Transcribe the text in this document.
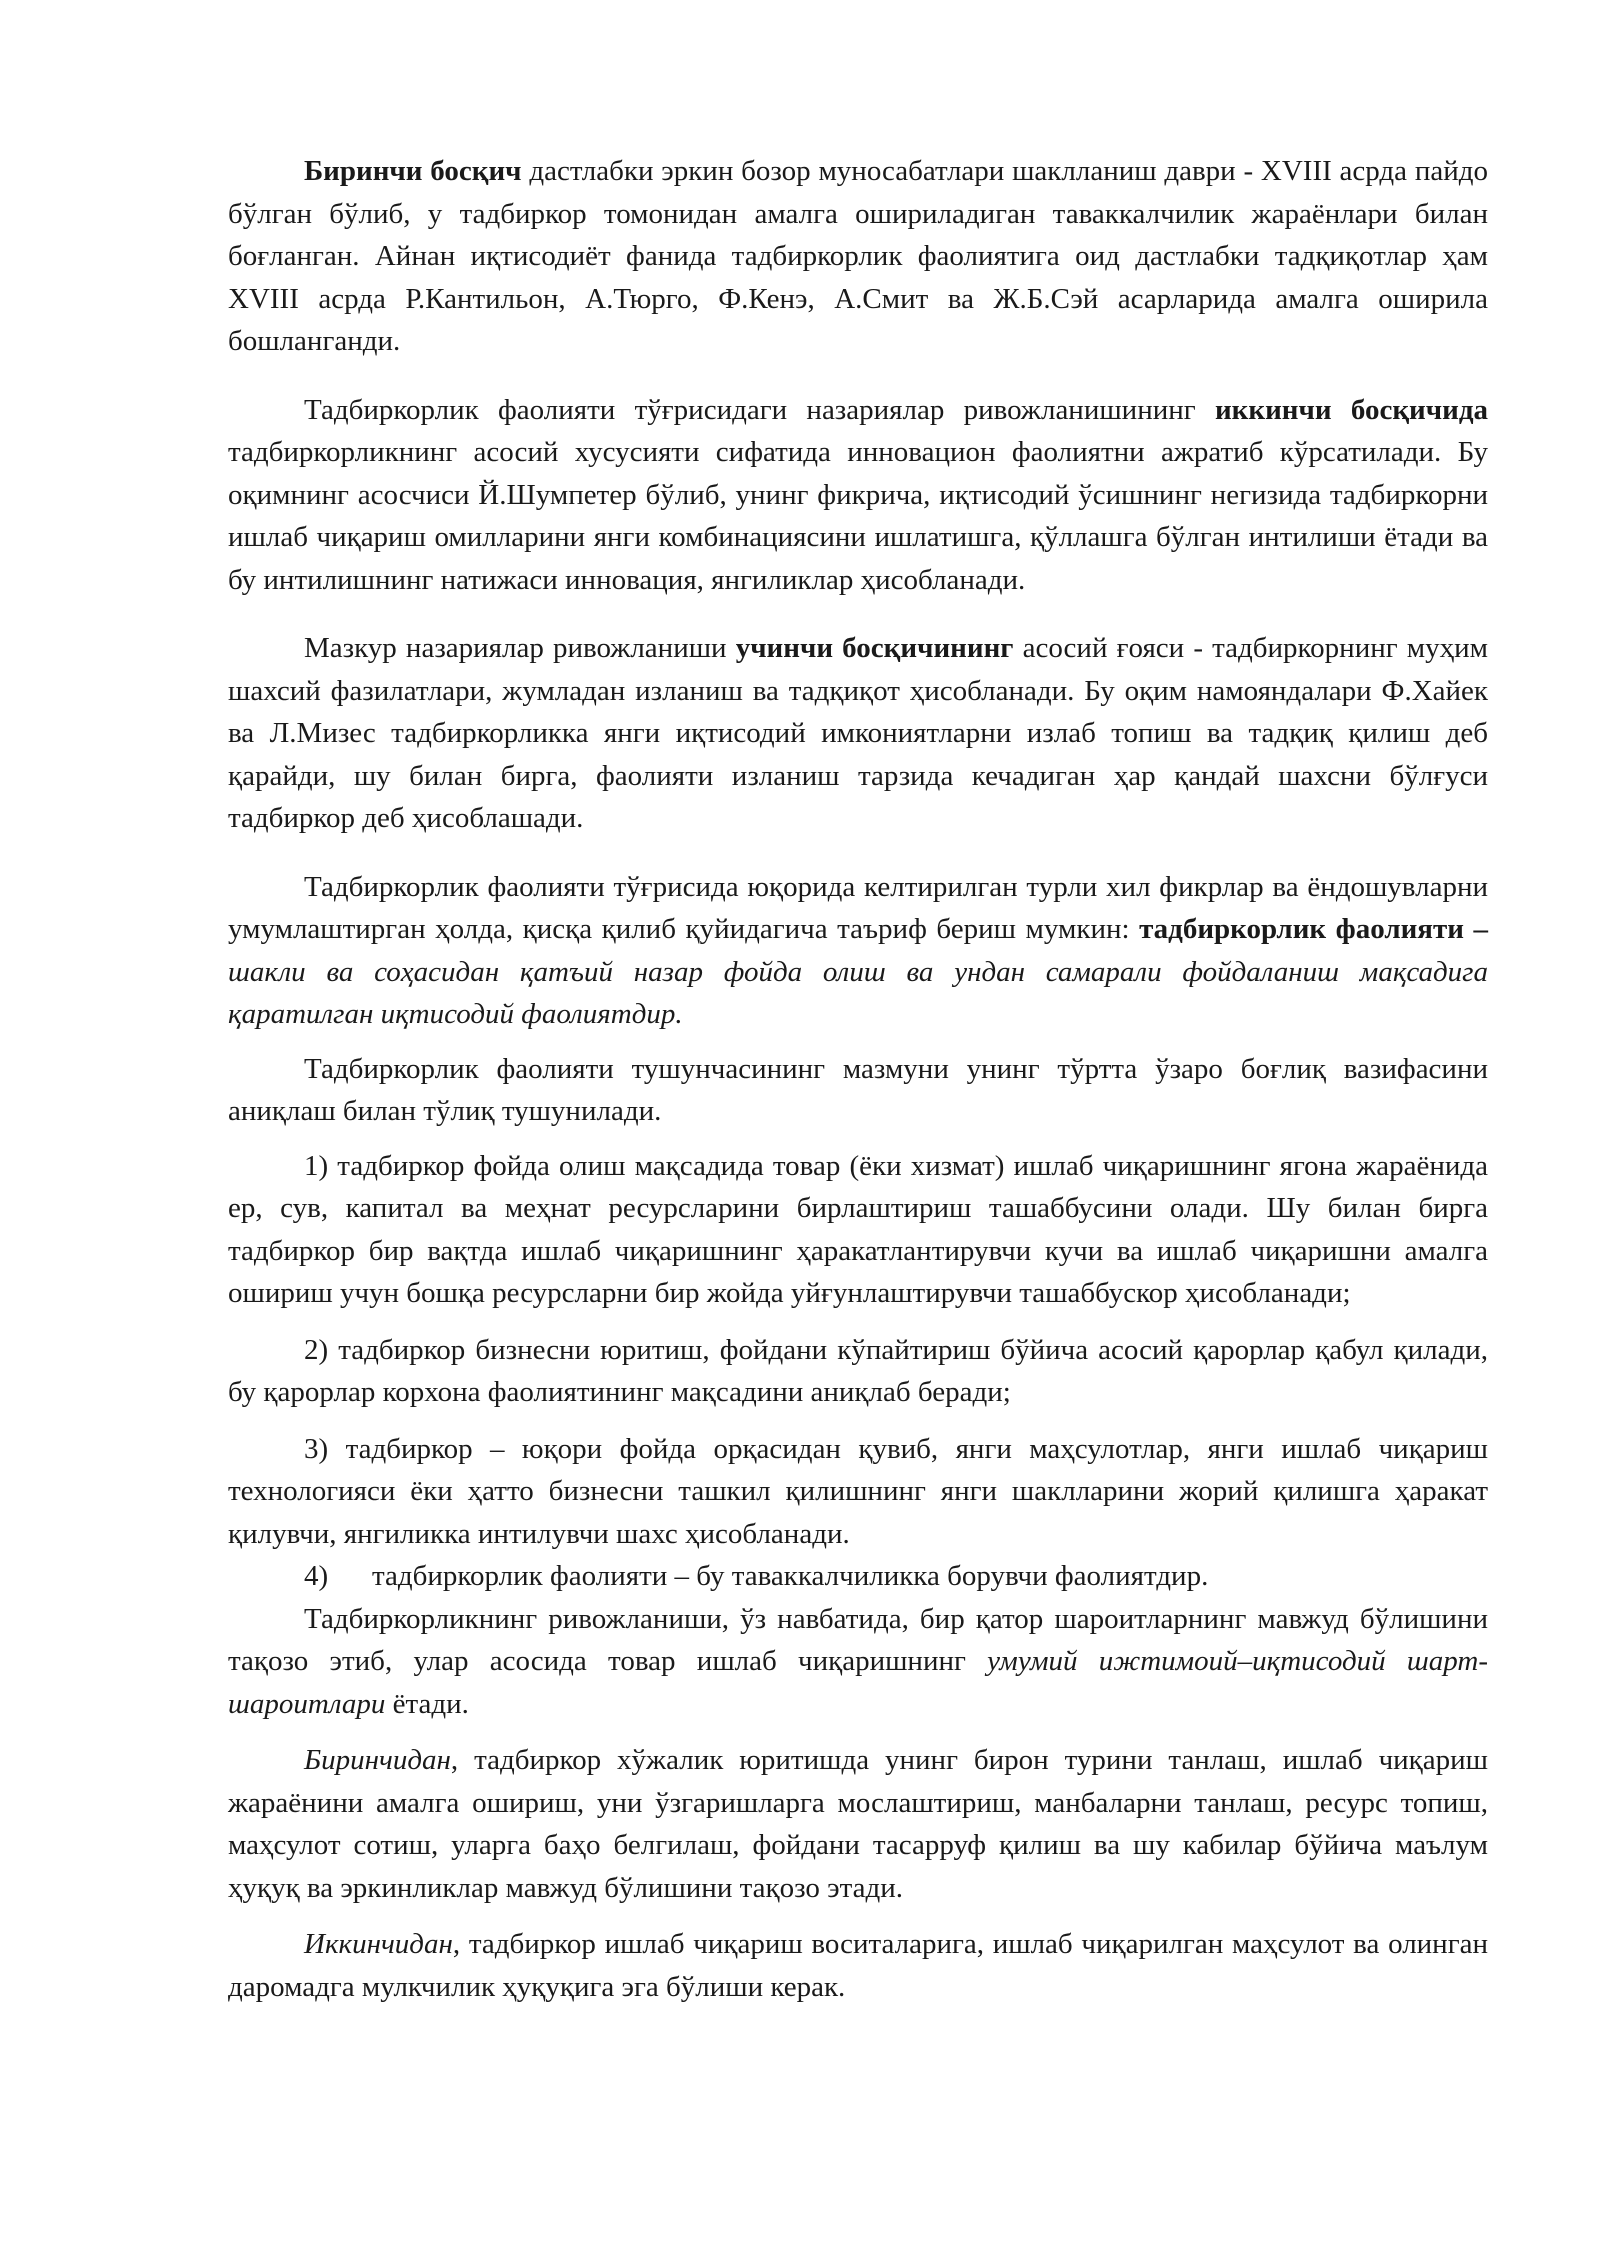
Биринчи босқич дастлабки эркин бозор муносабатлари шаклланиш даври - XVIII асрда пайдо бўлган бўлиб, у тадбиркор томонидан амалга ошириладиган таваккалчилик жараёнлари билан боғланган. Айнан иқтисодиёт фанида тадбиркорлик фаолиятига оид дастлабки тадқиқотлар ҳам XVIII асрда Р.Кантильон, А.Тюрго, Ф.Кенэ, А.Смит ва Ж.Б.Сэй асарларида амалга оширила бошланганди.

Тадбиркорлик фаолияти тўғрисидаги назариялар ривожланишининг иккинчи босқичида тадбиркорликнинг асосий хусусияти сифатида инновацион фаолиятни ажратиб кўрсатилади. Бу оқимнинг асосчиси Й.Шумпетер бўлиб, унинг фикрича, иқтисодий ўсишнинг негизида тадбиркорни ишлаб чиқариш омилларини янги комбинациясини ишлатишга, қўллашга бўлган интилиши ётади ва бу интилишнинг натижаси инновация, янгиликлар ҳисобланади.

Мазкур назариялар ривожланиши учинчи босқичининг асосий ғояси - тадбиркорнинг муҳим шахсий фазилатлари, жумладан изланиш ва тадқиқот ҳисобланади. Бу оқим намояндалари Ф.Хайек ва Л.Мизес тадбиркорликка янги иқтисодий имкониятларни излаб топиш ва тадқиқ қилиш деб қарайди, шу билан бирга, фаолияти изланиш тарзида кечадиган ҳар қандай шахсни бўлғуси тадбиркор деб ҳисоблашади.

Тадбиркорлик фаолияти тўғрисида юқорида келтирилган турли хил фикрлар ва ёндошувларни умумлаштирган ҳолда, қисқа қилиб қуйидагича таъриф бериш мумкин: тадбиркорлик фаолияти – шакли ва соҳасидан қатъий назар фойда олиш ва ундан самарали фойдаланиш мақсадига қаратилган иқтисодий фаолиятдир.

Тадбиркорлик фаолияти тушунчасининг мазмуни унинг тўртта ўзаро боғлиқ вазифасини аниқлаш билан тўлиқ тушунилади.

1) тадбиркор фойда олиш мақсадида товар (ёки хизмат) ишлаб чиқаришнинг ягона жараёнида ер, сув, капитал ва меҳнат ресурсларини бирлаштириш ташаббусини олади. Шу билан бирга тадбиркор бир вақтда ишлаб чиқаришнинг ҳаракатлантирувчи кучи ва ишлаб чиқаришни амалга ошириш учун бошқа ресурсларни бир жойда уйғунлаштирувчи ташаббускор ҳисобланади;

2) тадбиркор бизнесни юритиш, фойдани кўпайтириш бўйича асосий қарорлар қабул қилади, бу қарорлар корхона фаолиятининг мақсадини аниқлаб беради;

3) тадбиркор – юқори фойда орқасидан қувиб, янги маҳсулотлар, янги ишлаб чиқариш технологияси ёки ҳатто бизнесни ташкил қилишнинг янги шаклларини жорий қилишга ҳаракат қилувчи, янгиликка интилувчи шахс ҳисобланади.

4) тадбиркорлик фаолияти – бу таваккалчиликка борувчи фаолиятдир.

Тадбиркорликнинг ривожланиши, ўз навбатида, бир қатор шароитларнинг мавжуд бўлишини тақозо этиб, улар асосида товар ишлаб чиқаришнинг умумий ижтимоий–иқтисодий шарт-шароитлари ётади.

Биринчидан, тадбиркор хўжалик юритишда унинг бирон турини танлаш, ишлаб чиқариш жараёнини амалга ошириш, уни ўзгаришларга мослаштириш, манбаларни танлаш, ресурс топиш, маҳсулот сотиш, уларга баҳо белгилаш, фойдани тасарруф қилиш ва шу кабилар бўйича маълум ҳуқуқ ва эркинликлар мавжуд бўлишини тақозо этади.

Иккинчидан, тадбиркор ишлаб чиқариш воситаларига, ишлаб чиқарилган маҳсулот ва олинган даромадга мулкчилик ҳуқуқига эга бўлиши керак.
